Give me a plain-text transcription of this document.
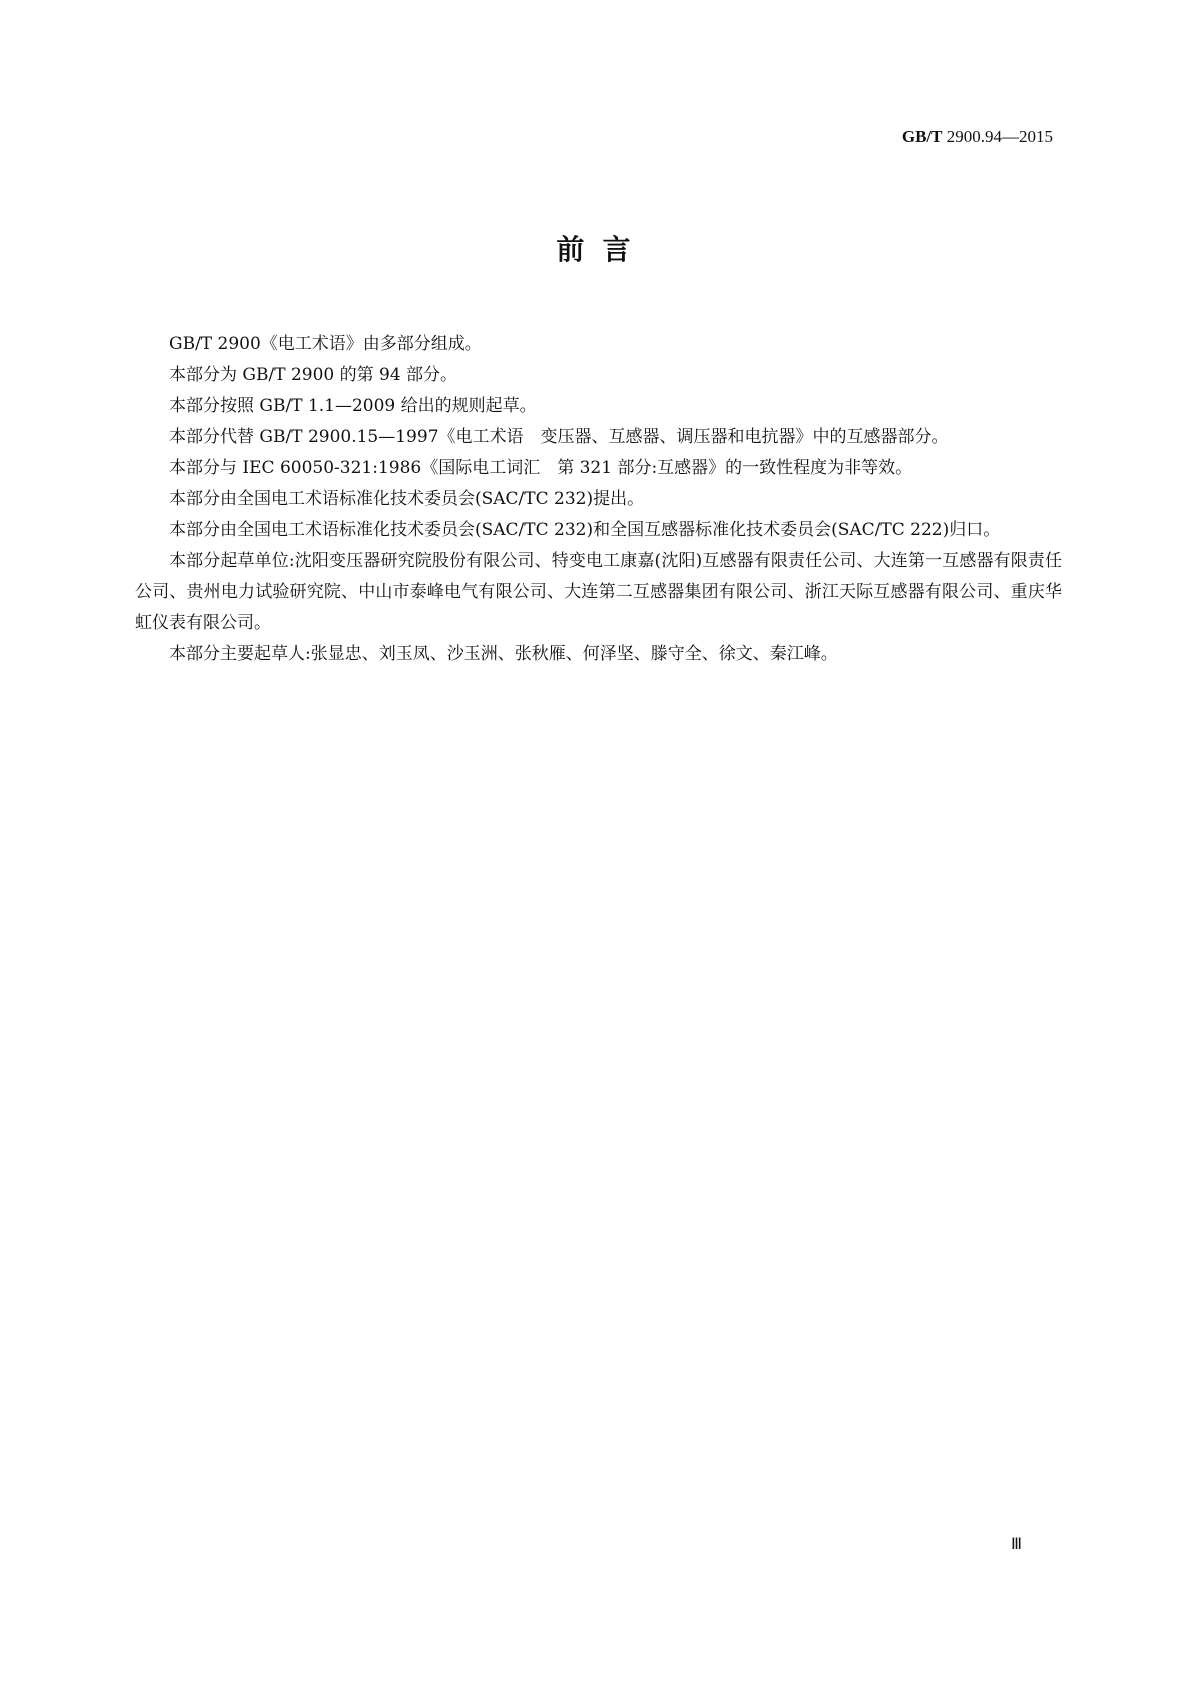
GB/T 2900.94—2015
前 言

GB/T 2900《电工术语》由多部分组成。

本部分为 GB/T 2900 的第 94 部分。

本部分按照 GB/T 1.1—2009 给出的规则起草。

本部分代替 GB/T 2900.15—1997《电工术语　变压器、互感器、调压器和电抗器》中的互感器部分。

本部分与 IEC 60050-321:1986《国际电工词汇　第 321 部分:互感器》的一致性程度为非等效。

本部分由全国电工术语标准化技术委员会(SAC/TC 232)提出。

本部分由全国电工术语标准化技术委员会(SAC/TC 232)和全国互感器标准化技术委员会(SAC/TC 222)归口。

本部分起草单位:沈阳变压器研究院股份有限公司、特变电工康嘉(沈阳)互感器有限责任公司、大连第一互感器有限责任公司、贵州电力试验研究院、中山市泰峰电气有限公司、大连第二互感器集团有限公司、浙江天际互感器有限公司、重庆华虹仪表有限公司。

本部分主要起草人:张显忠、刘玉凤、沙玉洲、张秋雁、何泽坚、滕守全、徐文、秦江峰。

Ⅲ
